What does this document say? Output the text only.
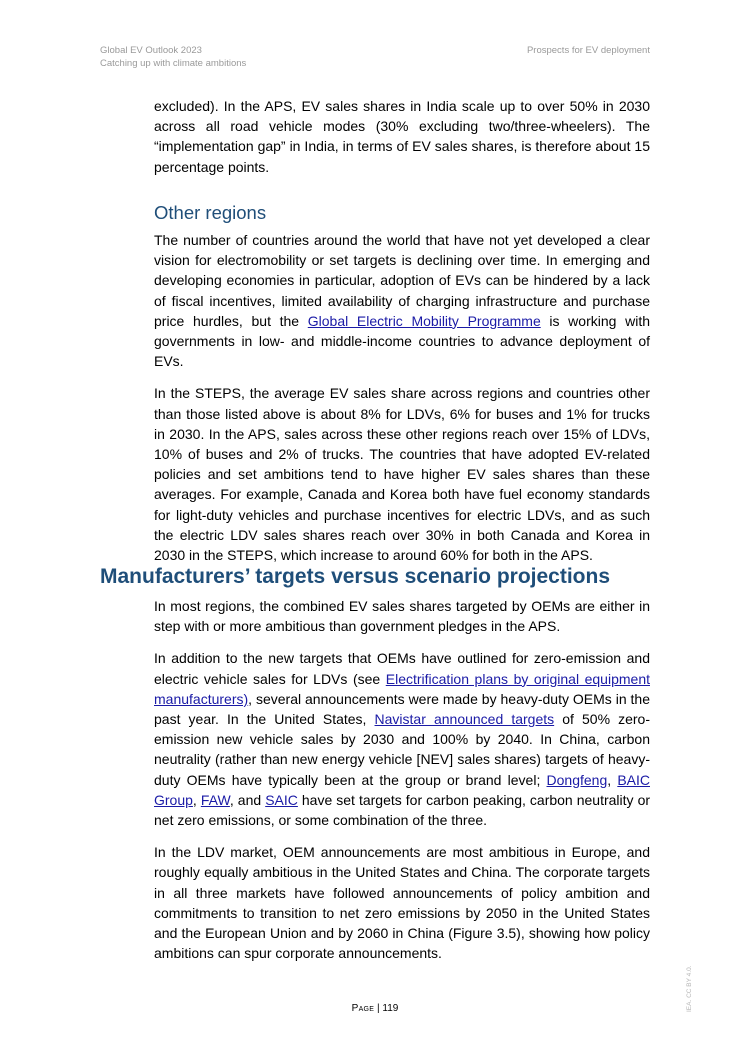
Global EV Outlook 2023
Catching up with climate ambitions
Prospects for EV deployment

excluded). In the APS, EV sales shares in India scale up to over 50% in 2030 across all road vehicle modes (30% excluding two/three-wheelers). The “implementation gap” in India, in terms of EV sales shares, is therefore about 15 percentage points.

Other regions

The number of countries around the world that have not yet developed a clear vision for electromobility or set targets is declining over time. In emerging and developing economies in particular, adoption of EVs can be hindered by a lack of fiscal incentives, limited availability of charging infrastructure and purchase price hurdles, but the Global Electric Mobility Programme is working with governments in low- and middle-income countries to advance deployment of EVs.

In the STEPS, the average EV sales share across regions and countries other than those listed above is about 8% for LDVs, 6% for buses and 1% for trucks in 2030. In the APS, sales across these other regions reach over 15% of LDVs, 10% of buses and 2% of trucks. The countries that have adopted EV-related policies and set ambitions tend to have higher EV sales shares than these averages. For example, Canada and Korea both have fuel economy standards for light-duty vehicles and purchase incentives for electric LDVs, and as such the electric LDV sales shares reach over 30% in both Canada and Korea in 2030 in the STEPS, which increase to around 60% for both in the APS.

Manufacturers’ targets versus scenario projections

In most regions, the combined EV sales shares targeted by OEMs are either in step with or more ambitious than government pledges in the APS.

In addition to the new targets that OEMs have outlined for zero-emission and electric vehicle sales for LDVs (see Electrification plans by original equipment manufacturers), several announcements were made by heavy-duty OEMs in the past year. In the United States, Navistar announced targets of 50% zero-emission new vehicle sales by 2030 and 100% by 2040. In China, carbon neutrality (rather than new energy vehicle [NEV] sales shares) targets of heavy-duty OEMs have typically been at the group or brand level; Dongfeng, BAIC Group, FAW, and SAIC have set targets for carbon peaking, carbon neutrality or net zero emissions, or some combination of the three.

In the LDV market, OEM announcements are most ambitious in Europe, and roughly equally ambitious in the United States and China. The corporate targets in all three markets have followed announcements of policy ambition and commitments to transition to net zero emissions by 2050 in the United States and the European Union and by 2060 in China (Figure 3.5), showing how policy ambitions can spur corporate announcements.

Page | 119	IEA. CC BY 4.0.
